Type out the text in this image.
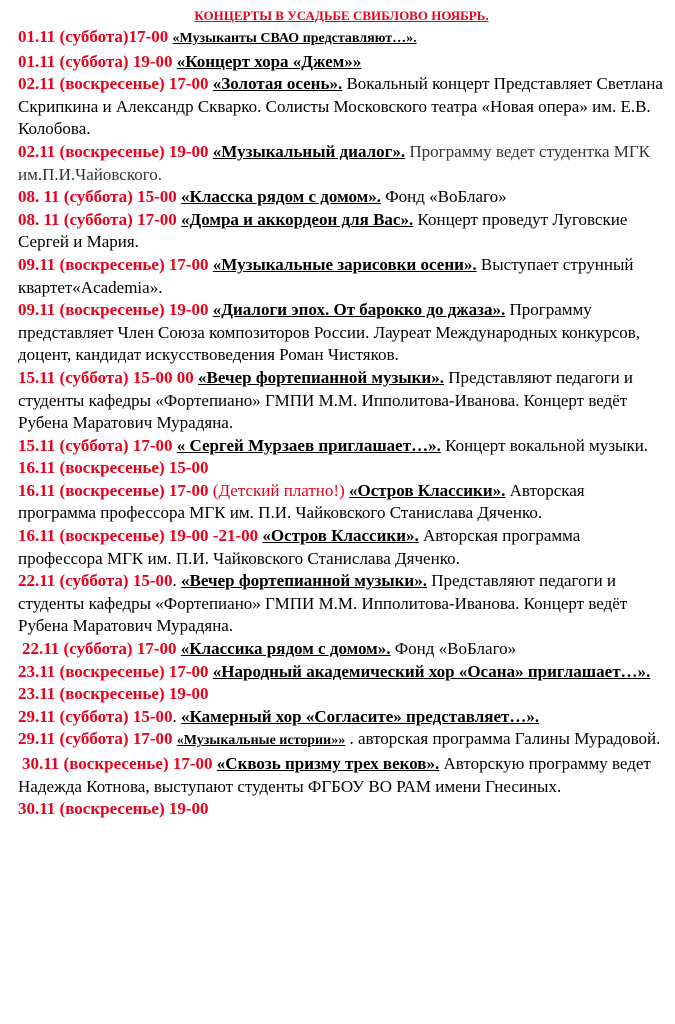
КОНЦЕРТЫ В УСАДЬБЕ СВИБЛОВО НОЯБРЬ.
01.11 (суббота)17-00 «Музыканты СВАО представляют…».
01.11 (суббота) 19-00 «Концерт хора «Джем»»
02.11 (воскресенье) 17-00 «Золотая осень». Вокальный концерт Представляет Светлана Скрипкина и Александр Скварко. Солисты Московского театра «Новая опера» им. Е.В. Колобова.
02.11 (воскресенье) 19-00 «Музыкальный диалог». Программу ведет студентка МГК им.П.И.Чайовского.
08. 11 (суббота) 15-00 «Класска рядом с домом». Фонд «ВоБлаго»
08. 11 (суббота) 17-00 «Домра и аккордеон для Вас». Концерт проведут Луговские Сергей и Мария.
09.11 (воскресенье) 17-00 «Музыкальные зарисовки осени». Выступает струнный квартет«Academia».
09.11 (воскресенье) 19-00 «Диалоги эпох. От барокко до джаза». Программу представляет Член Союза композиторов России. Лауреат Международных конкурсов, доцент, кандидат искусствоведения Роман Чистяков.
15.11 (суббота) 15-00 00 «Вечер фортепианной музыки». Представляют педагоги и студенты кафедры «Фортепиано» ГМПИ М.М. Ипполитова-Иванова. Концерт ведёт Рубена Маратович Мурадяна.
15.11 (суббота) 17-00 « Сергей Мурзаев приглашает…». Концерт вокальной музыки.
16.11 (воскресенье) 15-00
16.11 (воскресенье) 17-00 (Детский платно!) «Остров Классики». Авторская программа профессора МГК им. П.И. Чайковского Станислава Дяченко.
16.11 (воскресенье) 19-00 -21-00 «Остров Классики». Авторская программа профессора МГК им. П.И. Чайковского Станислава Дяченко.
22.11 (суббота) 15-00. «Вечер фортепианной музыки». Представляют педагоги и студенты кафедры «Фортепиано» ГМПИ М.М. Ипполитова-Иванова. Концерт ведёт Рубена Маратович Мурадяна.
22.11 (суббота) 17-00 «Классика рядом с домом». Фонд «ВоБлаго»
23.11 (воскресенье) 17-00 «Народный академический хор «Осана» приглашает…».
23.11 (воскресенье) 19-00
29.11 (суббота) 15-00. «Камерный хор «Согласите» представляет…».
29.11 (суббота) 17-00 «Музыкальные истории»» . авторская программа Галины Мурадовой.
30.11 (воскресенье) 17-00 «Сквозь призму трех веков». Авторскую программу ведет Надежда Котнова, выступают студенты ФГБОУ ВО РАМ имени Гнесиных.
30.11 (воскресенье) 19-00
